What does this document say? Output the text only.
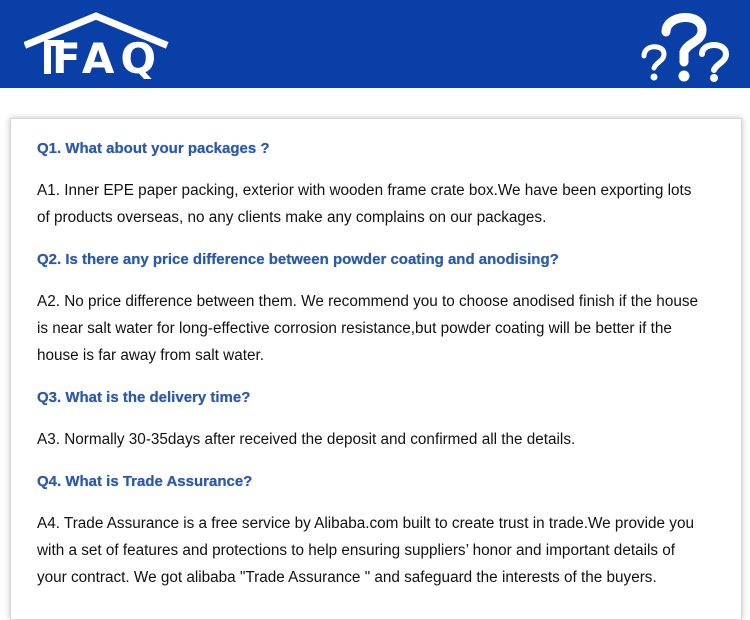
FAQ
Q1. What about your packages ?

A1. Inner EPE paper packing, exterior with wooden frame crate box.We have been exporting lots

of products overseas, no any clients make any complains on our packages.

Q2. Is there any price difference between powder coating and anodising?

A2. No price difference between them. We recommend you to choose anodised finish if the house

is near salt water for long-effective corrosion resistance,but powder coating will be better if the

house is far away from salt water.

Q3. What is the delivery time?

A3. Normally 30-35days after received the deposit and confirmed all the details.

Q4. What is Trade Assurance?

A4. Trade Assurance is a free service by Alibaba.com built to create trust in trade.We provide you

with a set of features and protections to help ensuring suppliers’ honor and important details of

your contract. We got alibaba "Trade Assurance " and safeguard the interests of the buyers.
